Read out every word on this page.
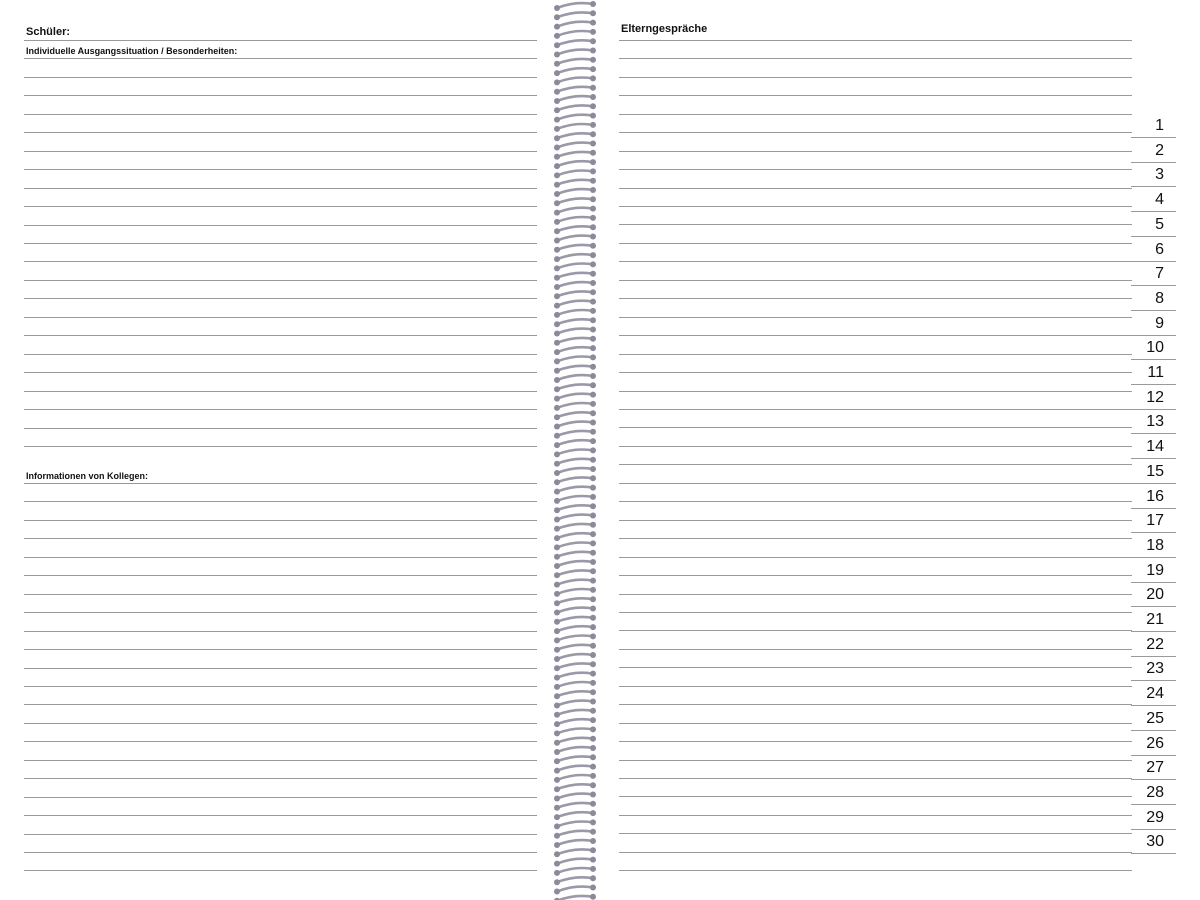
Schüler:
Individuelle Ausgangssituation / Besonderheiten:
Informationen von Kollegen:
Elterngespräche
1
2
3
4
5
6
7
8
9
10
11
12
13
14
15
16
17
18
19
20
21
22
23
24
25
26
27
28
29
30
